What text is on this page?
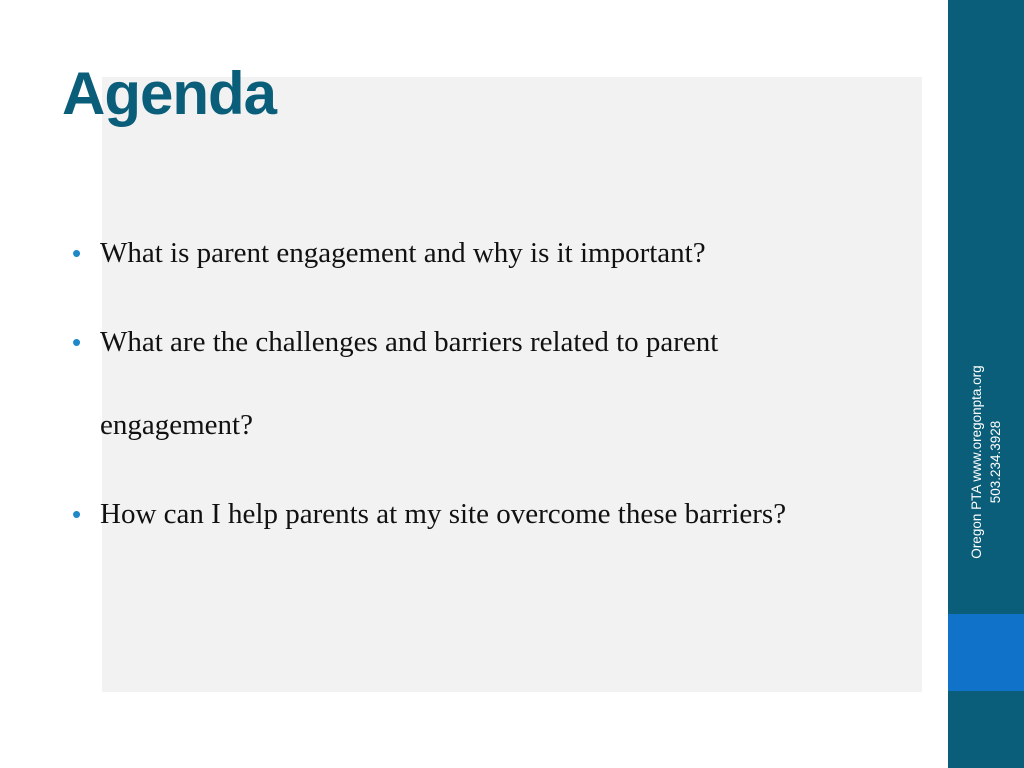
Agenda
• What is parent engagement and why is it important?
• What are the challenges and barriers related to parent engagement?
• How can I help parents at my site overcome these barriers?	Oregon PTA www.oregonpta.org 503.234.3928
